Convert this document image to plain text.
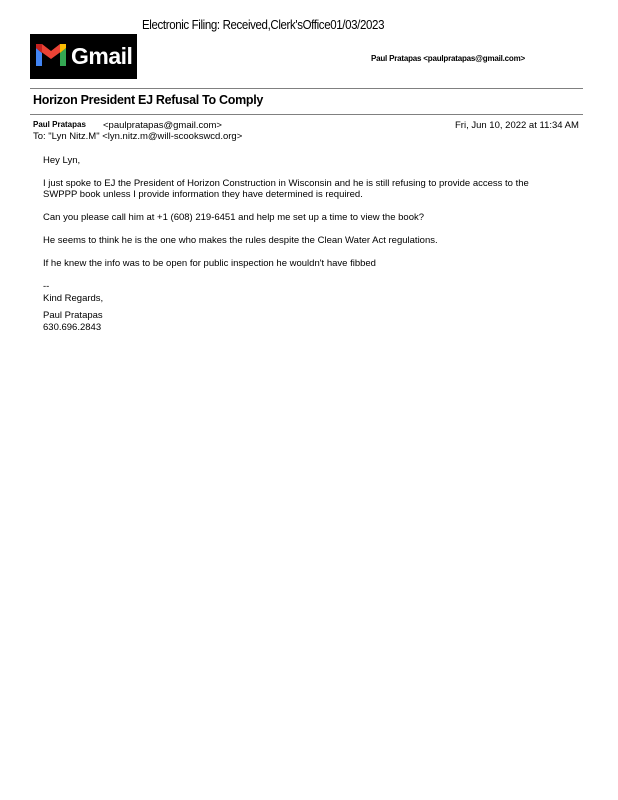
Electronic Filing: Received,Clerk'sOffice01/03/2023
Gmail	Paul Pratapas <paulpratapas@gmail.com>
Horizon President EJ Refusal To Comply
Paul Pratapas <paulpratapas@gmail.com>	Fri, Jun 10, 2022 at 11:34 AM
To: "Lyn Nitz.M" <lyn.nitz.m@will-scookswcd.org>

Hey Lyn,

I just spoke to EJ the President of Horizon Construction in Wisconsin and he is still refusing to provide access to the
SWPPP book unless I provide information they have determined is required.

Can you please call him at +1 (608) 219-6451 and help me set up a time to view the book?

He seems to think he is the one who makes the rules despite the Clean Water Act regulations.

If he knew the info was to be open for public inspection he wouldn't have fibbed

--
Kind Regards,

Paul Pratapas
630.696.2843
